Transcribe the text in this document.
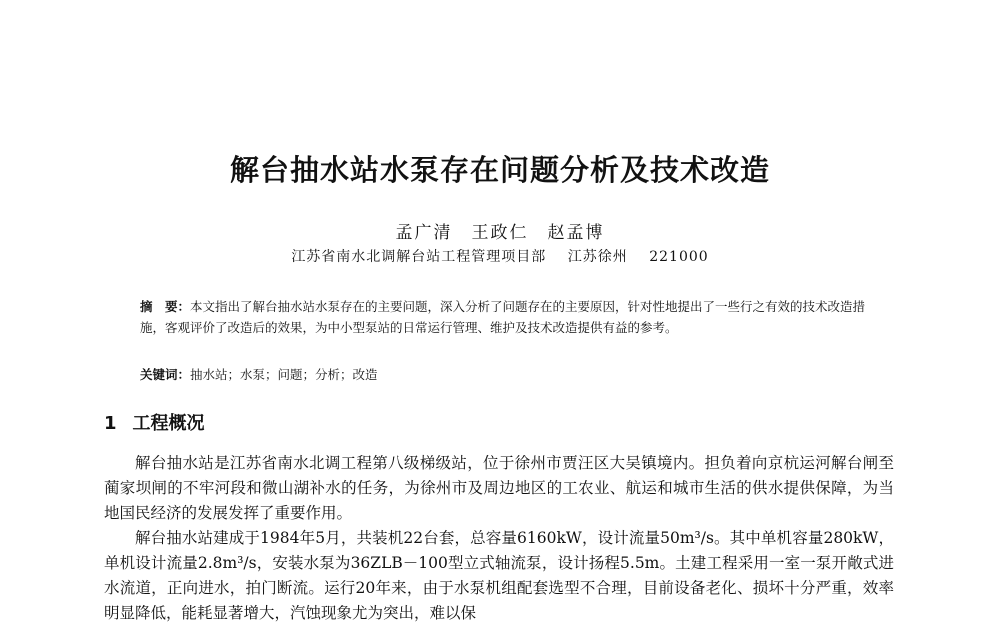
解台抽水站水泵存在问题分析及技术改造
孟广清　王政仁　赵孟博
江苏省南水北调解台站工程管理项目部 江苏徐州 221000
摘　要：本文指出了解台抽水站水泵存在的主要问题，深入分析了问题存在的主要原因，针对性地提出了一些行之有效的技术改造措施，客观评价了改造后的效果，为中小型泵站的日常运行管理、维护及技术改造提供有益的参考。
关键词：抽水站；水泵；问题；分析；改造
1 工程概况
解台抽水站是江苏省南水北调工程第八级梯级站，位于徐州市贾汪区大吴镇境内。担负着向京杭运河解台闸至蔺家坝闸的不牢河段和微山湖补水的任务，为徐州市及周边地区的工农业、航运和城市生活的供水提供保障，为当地国民经济的发展发挥了重要作用。
解台抽水站建成于1984年5月，共装机22台套，总容量6160kW，设计流量50m³/s。其中单机容量280kW，单机设计流量2.8m³/s，安装水泵为36ZLB－100型立式轴流泵，设计扬程5.5m。土建工程采用一室一泵开敞式进水流道，正向进水，拍门断流。运行20年来，由于水泵机组配套选型不合理，目前设备老化、损坏十分严重，效率明显降低，能耗显著增大，汽蚀现象尤为突出，难以保
